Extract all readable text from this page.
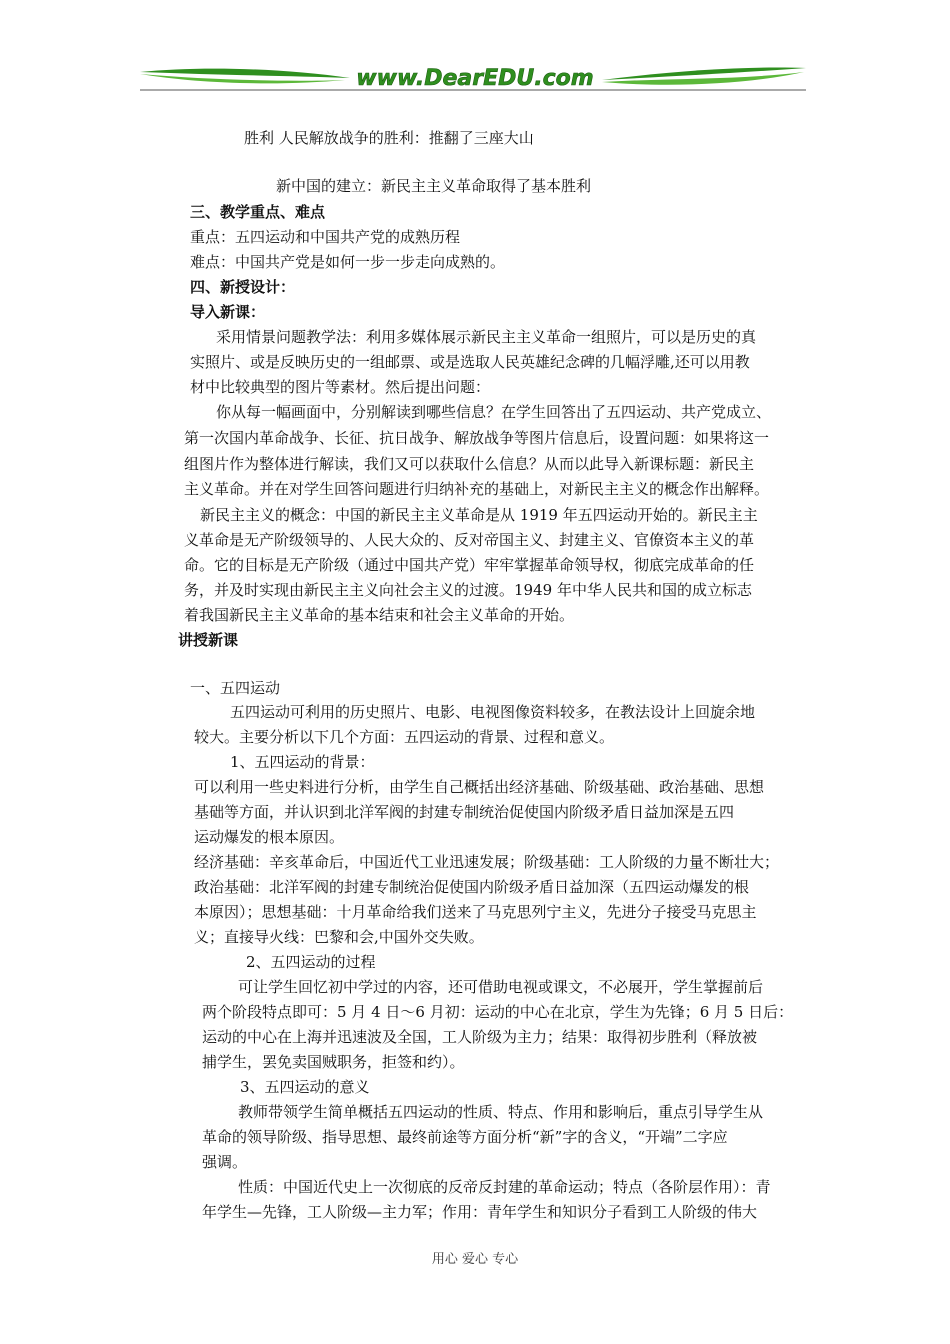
www.DearEDU.com
胜利 人民解放战争的胜利：推翻了三座大山
新中国的建立：新民主主义革命取得了基本胜利
三、教学重点、难点
重点：五四运动和中国共产党的成熟历程
难点：中国共产党是如何一步一步走向成熟的。
四、新授设计：
导入新课：
采用情景问题教学法：利用多媒体展示新民主主义革命一组照片，可以是历史的真
实照片、或是反映历史的一组邮票、或是选取人民英雄纪念碑的几幅浮雕,还可以用教
材中比较典型的图片等素材。然后提出问题：
你从每一幅画面中，分别解读到哪些信息？在学生回答出了五四运动、共产党成立、
第一次国内革命战争、长征、抗日战争、解放战争等图片信息后，设置问题：如果将这一
组图片作为整体进行解读，我们又可以获取什么信息？从而以此导入新课标题：新民主
主义革命。并在对学生回答问题进行归纳补充的基础上，对新民主主义的概念作出解释。
新民主主义的概念：中国的新民主主义革命是从 1919 年五四运动开始的。新民主主
义革命是无产阶级领导的、人民大众的、反对帝国主义、封建主义、官僚资本主义的革
命。它的目标是无产阶级（通过中国共产党）牢牢掌握革命领导权，彻底完成革命的任
务，并及时实现由新民主主义向社会主义的过渡。1949 年中华人民共和国的成立标志
着我国新民主主义革命的基本结束和社会主义革命的开始。
讲授新课
一、五四运动
五四运动可利用的历史照片、电影、电视图像资料较多，在教法设计上回旋余地
较大。主要分析以下几个方面：五四运动的背景、过程和意义。
1、五四运动的背景：
可以利用一些史料进行分析，由学生自己概括出经济基础、阶级基础、政治基础、思想
基础等方面，并认识到北洋军阀的封建专制统治促使国内阶级矛盾日益加深是五四
运动爆发的根本原因。
经济基础：辛亥革命后，中国近代工业迅速发展；阶级基础：工人阶级的力量不断壮大；
政治基础：北洋军阀的封建专制统治促使国内阶级矛盾日益加深（五四运动爆发的根
本原因）；思想基础：十月革命给我们送来了马克思列宁主义，先进分子接受马克思主
义；直接导火线：巴黎和会,中国外交失败。
2、五四运动的过程
可让学生回忆初中学过的内容，还可借助电视或课文，不必展开，学生掌握前后
两个阶段特点即可：5 月 4 日～6 月初：运动的中心在北京，学生为先锋；6 月 5 日后：
运动的中心在上海并迅速波及全国，工人阶级为主力；结果：取得初步胜利（释放被
捕学生，罢免卖国贼职务，拒签和约）。
3、五四运动的意义
教师带领学生简单概括五四运动的性质、特点、作用和影响后，重点引导学生从
革命的领导阶级、指导思想、最终前途等方面分析“新”字的含义，“开端”二字应
强调。
性质：中国近代史上一次彻底的反帝反封建的革命运动；特点（各阶层作用）：青
年学生—先锋，工人阶级—主力军；作用：青年学生和知识分子看到工人阶级的伟大
用心 爱心 专心
